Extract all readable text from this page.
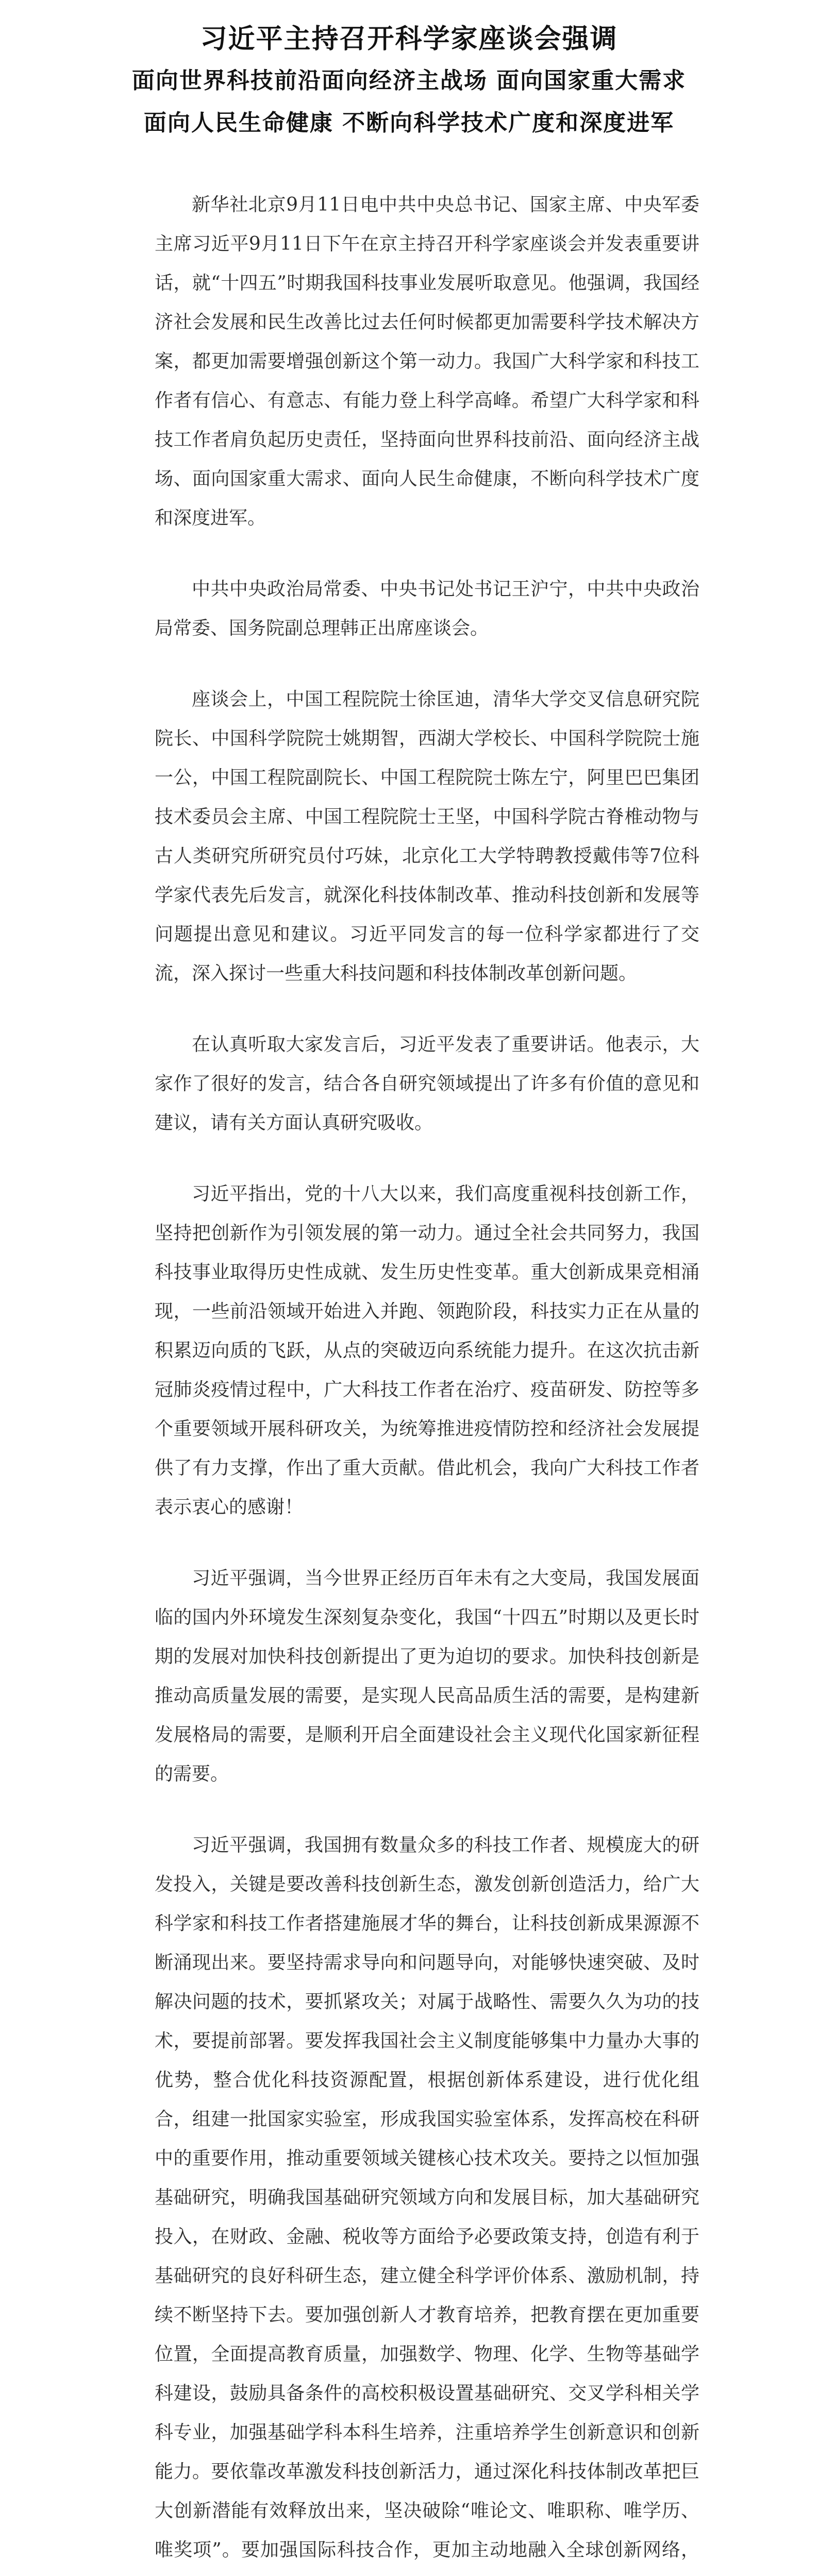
习近平主持召开科学家座谈会强调
面向世界科技前沿面向经济主战场 面向国家重大需求
面向人民生命健康 不断向科学技术广度和深度进军

新华社北京9月11日电中共中央总书记、国家主席、中央军委主席习近平9月11日下午在京主持召开科学家座谈会并发表重要讲话，就“十四五”时期我国科技事业发展听取意见。他强调，我国经济社会发展和民生改善比过去任何时候都更加需要科学技术解决方案，都更加需要增强创新这个第一动力。我国广大科学家和科技工作者有信心、有意志、有能力登上科学高峰。希望广大科学家和科技工作者肩负起历史责任，坚持面向世界科技前沿、面向经济主战场、面向国家重大需求、面向人民生命健康，不断向科学技术广度和深度进军。

中共中央政治局常委、中央书记处书记王沪宁，中共中央政治局常委、国务院副总理韩正出席座谈会。

座谈会上，中国工程院院士徐匡迪，清华大学交叉信息研究院院长、中国科学院院士姚期智，西湖大学校长、中国科学院院士施一公，中国工程院副院长、中国工程院院士陈左宁，阿里巴巴集团技术委员会主席、中国工程院院士王坚，中国科学院古脊椎动物与古人类研究所研究员付巧妹，北京化工大学特聘教授戴伟等7位科学家代表先后发言，就深化科技体制改革、推动科技创新和发展等问题提出意见和建议。习近平同发言的每一位科学家都进行了交流，深入探讨一些重大科技问题和科技体制改革创新问题。

在认真听取大家发言后，习近平发表了重要讲话。他表示，大家作了很好的发言，结合各自研究领域提出了许多有价值的意见和建议，请有关方面认真研究吸收。

习近平指出，党的十八大以来，我们高度重视科技创新工作，坚持把创新作为引领发展的第一动力。通过全社会共同努力，我国科技事业取得历史性成就、发生历史性变革。重大创新成果竞相涌现，一些前沿领域开始进入并跑、领跑阶段，科技实力正在从量的积累迈向质的飞跃，从点的突破迈向系统能力提升。在这次抗击新冠肺炎疫情过程中，广大科技工作者在治疗、疫苗研发、防控等多个重要领域开展科研攻关，为统筹推进疫情防控和经济社会发展提供了有力支撑，作出了重大贡献。借此机会，我向广大科技工作者表示衷心的感谢！

习近平强调，当今世界正经历百年未有之大变局，我国发展面临的国内外环境发生深刻复杂变化，我国“十四五”时期以及更长时期的发展对加快科技创新提出了更为迫切的要求。加快科技创新是推动高质量发展的需要，是实现人民高品质生活的需要，是构建新发展格局的需要，是顺利开启全面建设社会主义现代化国家新征程的需要。

习近平强调，我国拥有数量众多的科技工作者、规模庞大的研发投入，关键是要改善科技创新生态，激发创新创造活力，给广大科学家和科技工作者搭建施展才华的舞台，让科技创新成果源源不断涌现出来。要坚持需求导向和问题导向，对能够快速突破、及时解决问题的技术，要抓紧攻关；对属于战略性、需要久久为功的技术，要提前部署。要发挥我国社会主义制度能够集中力量办大事的优势，整合优化科技资源配置，根据创新体系建设，进行优化组合，组建一批国家实验室，形成我国实验室体系，发挥高校在科研中的重要作用，推动重要领域关键核心技术攻关。要持之以恒加强基础研究，明确我国基础研究领域方向和发展目标，加大基础研究投入，在财政、金融、税收等方面给予必要政策支持，创造有利于基础研究的良好科研生态，建立健全科学评价体系、激励机制，持续不断坚持下去。要加强创新人才教育培养，把教育摆在更加重要位置，全面提高教育质量，加强数学、物理、化学、生物等基础学科建设，鼓励具备条件的高校积极设置基础研究、交叉学科相关学科专业，加强基础学科本科生培养，注重培养学生创新意识和创新能力。要依靠改革激发科技创新活力，通过深化科技体制改革把巨大创新潜能有效释放出来，坚决破除“唯论文、唯职称、唯学历、唯奖项”。要加强国际科技合作，更加主动地融入全球创新网络，
